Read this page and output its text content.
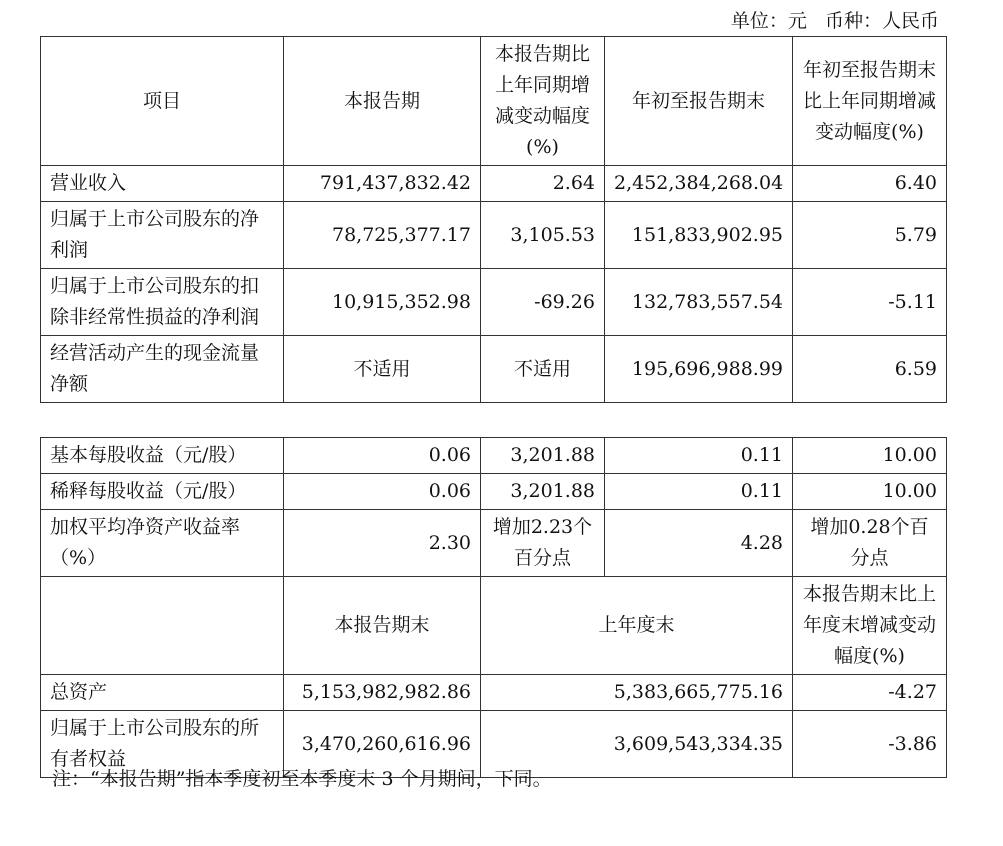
单位：元   币种：人民币
项目	本报告期	本报告期比上年同期增减变动幅度(%)	年初至报告期末	年初至报告期末比上年同期增减变动幅度(%)
营业收入	791,437,832.42	2.64	2,452,384,268.04	6.40
归属于上市公司股东的净利润	78,725,377.17	3,105.53	151,833,902.95	5.79
归属于上市公司股东的扣除非经常性损益的净利润	10,915,352.98	-69.26	132,783,557.54	-5.11
经营活动产生的现金流量净额	不适用	不适用	195,696,988.99	6.59
基本每股收益（元/股）	0.06	3,201.88	0.11	10.00
稀释每股收益（元/股）	0.06	3,201.88	0.11	10.00
加权平均净资产收益率（%）	2.30	增加2.23个百分点	4.28	增加0.28个百分点
	本报告期末	上年度末		本报告期末比上年度末增减变动幅度(%)
总资产	5,153,982,982.86	5,383,665,775.16		-4.27
归属于上市公司股东的所有者权益	3,470,260,616.96	3,609,543,334.35		-3.86
注：“本报告期”指本季度初至本季度末 3 个月期间，下同。
